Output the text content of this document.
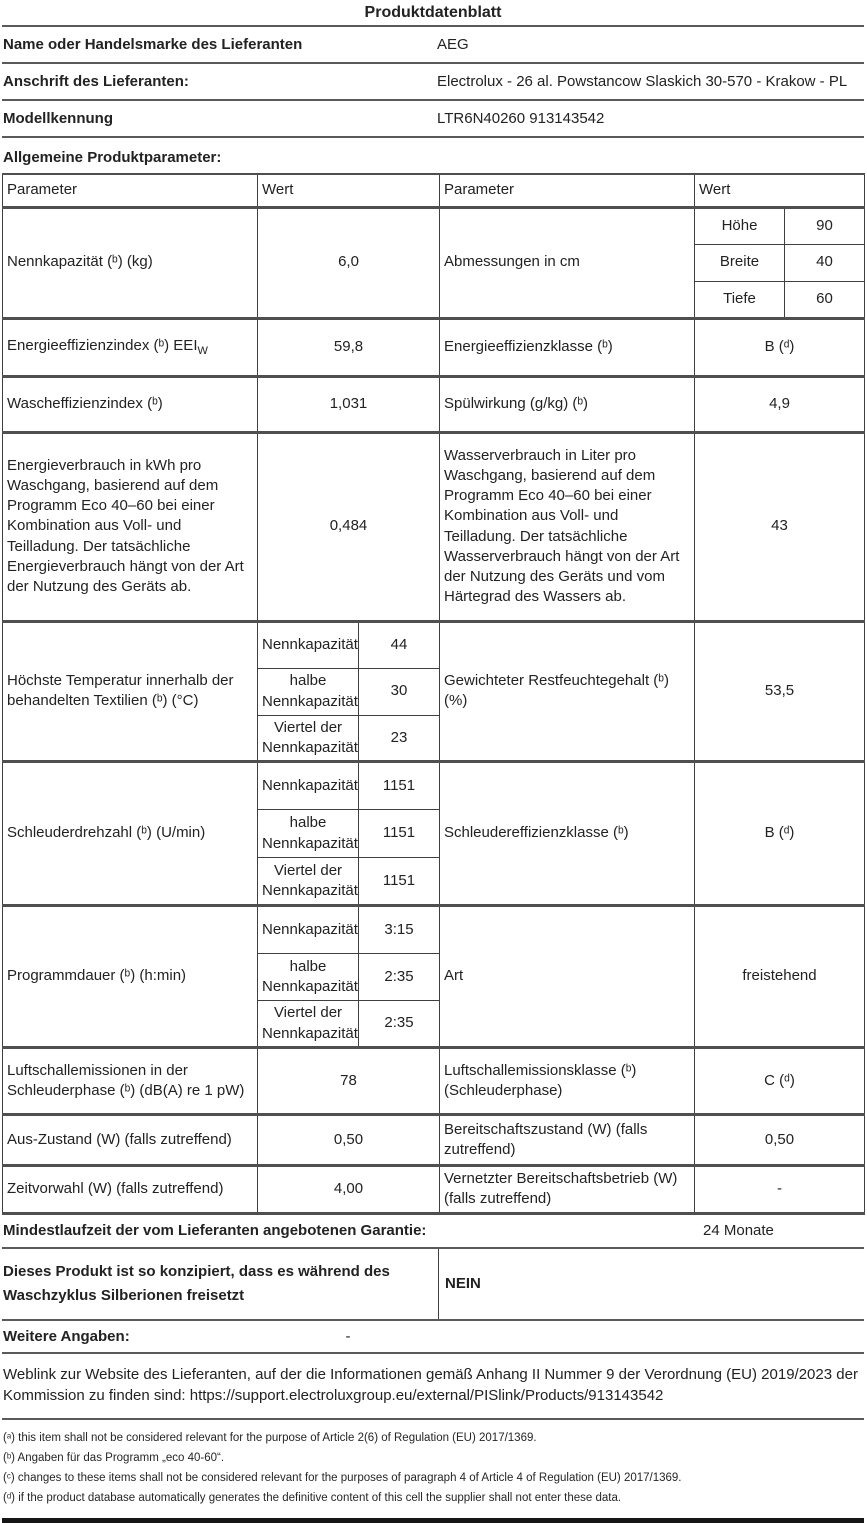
Produktdatenblatt
Name oder Handelsmarke des Lieferanten	AEG
Anschrift des Lieferanten:	Electrolux - 26 al. Powstancow Slaskich 30-570 - Krakow - PL
Modellkennung	LTR6N40260 913143542
Allgemeine Produktparameter:
Parameter	Wert		Parameter	Wert	
Nennkapazität (ᵇ) (kg)	6,0		Abmessungen in cm	Höhe	90
				Breite	40
				Tiefe	60
Energieeffizienzindex (ᵇ) $EEI_W$	59,8		Energieeffizienzklasse (ᵇ)	B (ᵈ)	
Wascheffizienzindex (ᵇ)	1,031		Spülwirkung (g/kg) (ᵇ)	4,9	
Energieverbrauch in kWh pro Waschgang, basierend auf dem Programm Eco 40–60 bei einer Kombination aus Voll- und Teilladung. Der tatsächliche Energieverbrauch hängt von der Art der Nutzung des Geräts ab.	0,484	Wasserverbrauch in Liter pro Waschgang, basierend auf dem Programm Eco 40–60 bei einer Kombination aus Voll- und Teilladung. Der tatsächliche Wasserverbrauch hängt von der Art der Nutzung des Geräts und vom Härtegrad des Wassers ab.	43
Höchste Temperatur innerhalb der behandelten Textilien (ᵇ) (°C)	Nennkapazität	44	Gewichteter Restfeuchtegehalt (ᵇ) (%)	53,5	
	halbe Nennkapazität	30			
	Viertel der Nennkapazität	23			
Schleuderdrehzahl (ᵇ) (U/min)	Nennkapazität	1151	Schleudereffizienzklasse (ᵇ)	B (ᵈ)	
	halbe Nennkapazität	1151			
	Viertel der Nennkapazität	1151			
Programmdauer (ᵇ) (h:min)	Nennkapazität	3:15	Art	freistehend	
	halbe Nennkapazität	2:35			
	Viertel der Nennkapazität	2:35			
Luftschallemissionen in der Schleuderphase (ᵇ) (dB(A) re 1 pW)	78		Luftschallemissionsklasse (ᵇ) (Schleuderphase)	C (ᵈ)	
Aus-Zustand (W) (falls zutreffend)	0,50		Bereitschaftszustand (W) (falls zutreffend)	0,50	
Zeitvorwahl (W) (falls zutreffend)	4,00		Vernetzter Bereitschaftsbetrieb (W) (falls zutreffend)	-	
Mindestlaufzeit der vom Lieferanten angebotenen Garantie:	24 Monate
Dieses Produkt ist so konzipiert, dass es während des Waschzyklus Silberionen freisetzt
NEIN
Weitere Angaben:	-
Weblink zur Website des Lieferanten, auf der die Informationen gemäß Anhang II Nummer 9 der Verordnung (EU) 2019/2023 der Kommission zu finden sind: https://support.electroluxgroup.eu/external/PISlink/Products/913143542

(ᵃ) this item shall not be considered relevant for the purpose of Article 2(6) of Regulation (EU) 2017/1369.

(ᵇ) Angaben für das Programm „eco 40-60“.

(ᶜ) changes to these items shall not be considered relevant for the purposes of paragraph 4 of Article 4 of Regulation (EU) 2017/1369.

(ᵈ) if the product database automatically generates the definitive content of this cell the supplier shall not enter these data.
